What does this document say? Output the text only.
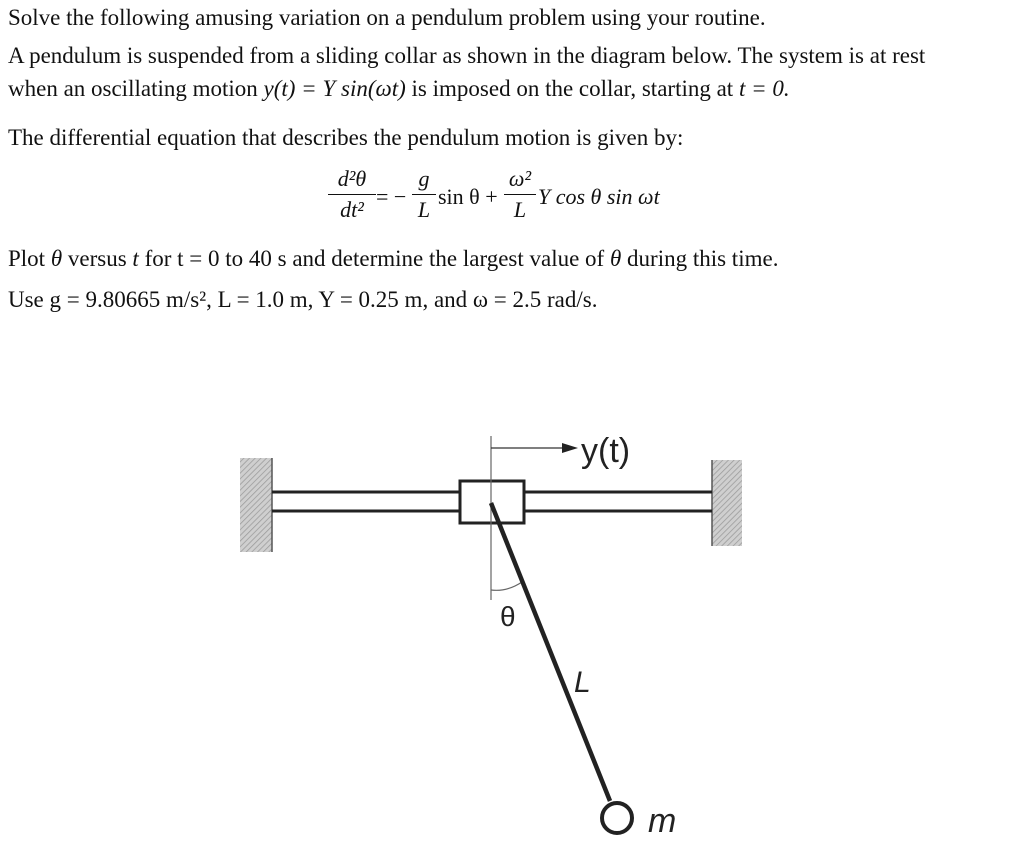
Solve the following amusing variation on a pendulum problem using your routine.
A pendulum is suspended from a sliding collar as shown in the diagram below. The system is at rest
when an oscillating motion y(t) = Y sin(ωt) is imposed on the collar, starting at t = 0.
The differential equation that describes the pendulum motion is given by:
d²θ
dt²
= −
g
L
sin θ +
ω²
L
Y cos θ sin ωt
Plot θ versus t for t = 0 to 40 s and determine the largest value of θ during this time.
Use g = 9.80665 m/s², L = 1.0 m, Y = 0.25 m, and ω = 2.5 rad/s.
y(t)
θ
L
m
